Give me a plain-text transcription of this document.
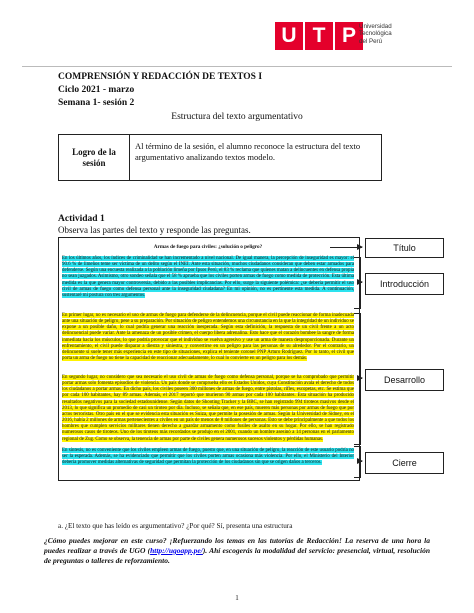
U T P Universidad
Tecnológica
del Perú
COMPRENSIÓN Y REDACCIÓN DE TEXTOS I
Ciclo 2021 - marzo
Semana 1- sesión 2
Estructura del texto argumentativo
Logro de la sesión
Al término de la sesión, el alumno reconoce la estructura del texto argumentativo analizando textos modelo.
Actividad 1
Observa las partes del texto y responde las preguntas.
Armas de fuego para civiles: ¿solución o peligro?
En los últimos años, los índices de criminalidad se han incrementado a nivel nacional. De igual manera, la percepción de inseguridad es mayor: el 90.6 % de limeños teme ser víctima de un delito según el INEI. Ante esta situación, muchos ciudadanos consideran que deben estar armados para defenderse. Según una encuesta realizada a la población limeña por Ipsos Perú, el 83 % reclama que quienes matan a delincuentes en defensa propia no sean juzgados. Asimismo, otro sondeo señala que el 58 % aprueba que los civiles porten armas de fuego como medida de protección. Esta última medida es la que genera mayor controversia, debido a las posibles implicancias. Por ello, surge la siguiente polémica: ¿se debería permitir el uso civil de armas de fuego como defensa personal ante la inseguridad ciudadana? En mi opinión, no es pertinente esta medida. A continuación, sustentaré mi postura con tres argumentos.
En primer lugar, no es necesario el uso de armas de fuego para defenderse de la delincuencia, porque el civil puede reaccionar de forma inadecuada ante una situación de peligro, pese a su preparación. Por situación de peligro entendemos una circunstancia en la que la integridad de un individuo se expone a un posible daño, lo cual podría generar una reacción inesperada. Según esta definición, la respuesta de un civil frente a un acto delincuencial puede variar. Ante la amenaza de un posible crimen, el cuerpo libera adrenalina. Esto hace que el corazón bombee la sangre de forma inmediata hacia los músculos, lo que podría provocar que el individuo se vuelva agresivo y use un arma de manera desproporcionada. Durante un enfrentamiento, el civil puede disparar a diestra y siniestra, y convertirse en un peligro para las personas de su alrededor. Por el contrario, un delincuente sí suele tener más experiencia en este tipo de situaciones, explica el teniente coronel PNP Arturo Rodríguez. Por lo tanto, el civil que porta un arma de fuego no tiene la capacidad de reaccionar adecuadamente, lo cual lo convierte en un peligro para los demás.
En segundo lugar, no considero que sea necesario el uso civil de armas de fuego como defensa personal, porque se ha comprobado que permitir portar armas solo fomenta episodios de violencia. Un país donde se comprueba ello es Estados Unidos, cuya Constitución avala el derecho de todos los ciudadanos a portar armas. En dicho país, los civiles poseen 300 millones de armas de fuego, entre pistolas, rifles, escopetas, etc. Se estima que por cada 100 habitantes, hay 89 armas. Además, el 2017 reportó que murieron 90 armas por cada 100 habitantes. Esta situación ha producido resultados negativos para la sociedad estadounidense. Según datos de Shooting Tracker y la BBC, se han registrado 994 tiroteos masivos desde el 2013, lo que significa un promedio de casi un tiroteo por día. Incluso, se señala que, en ese país, mueren más personas por armas de fuego que por actos terroristas. Otro país en el que se evidencia esta situación es Suiza, que permite la posesión de armas. Según la Universidad de Sídney, en el 2016, había 2 millones de armas pertenecientes a civiles en un país de menos de 8 millones de personas. Esto se debe principalmente a que todos los hombres que cumplen servicios militares tienen derecho a guardar armamento como fusiles de asalto en su hogar. Por ello, se han registrado numerosos casos de tiroteos. Uno de los tiroteos más recordados se produjo en el 2001, cuando un hombre asesinó a 14 personas en el parlamento regional de Zug. Como se observa, la tenencia de armas por parte de civiles genera numerosos sucesos violentos y pérdidas humanas.
En síntesis, no es conveniente que los civiles empleen armas de fuego, puesto que, en una situación de peligro, la reacción de este usuario podría no ser la esperada. Además, se ha evidenciado que permitir que los civiles porten armas ocasiona más violencia. Por ello, el Ministerio del Interior debería promover medidas alternativas de seguridad que permitan la protección de los ciudadanos sin que se origen daños a terceros.
Título
Introducción
Desarrollo
Cierre
a. ¿El texto que has leído es argumentativo? ¿Por qué? Sí, presenta una estructura
¿Cómo puedes mejorar en este curso? ¡Refuerzando los temas en las tutorías de Redacción! La reserva de una hora la puedes realizar a través de UGO (http://ugoapp.pe/). Ahí escogerás la modalidad del servicio: presencial, virtual, resolución de preguntas o talleres de reforzamiento.
1
